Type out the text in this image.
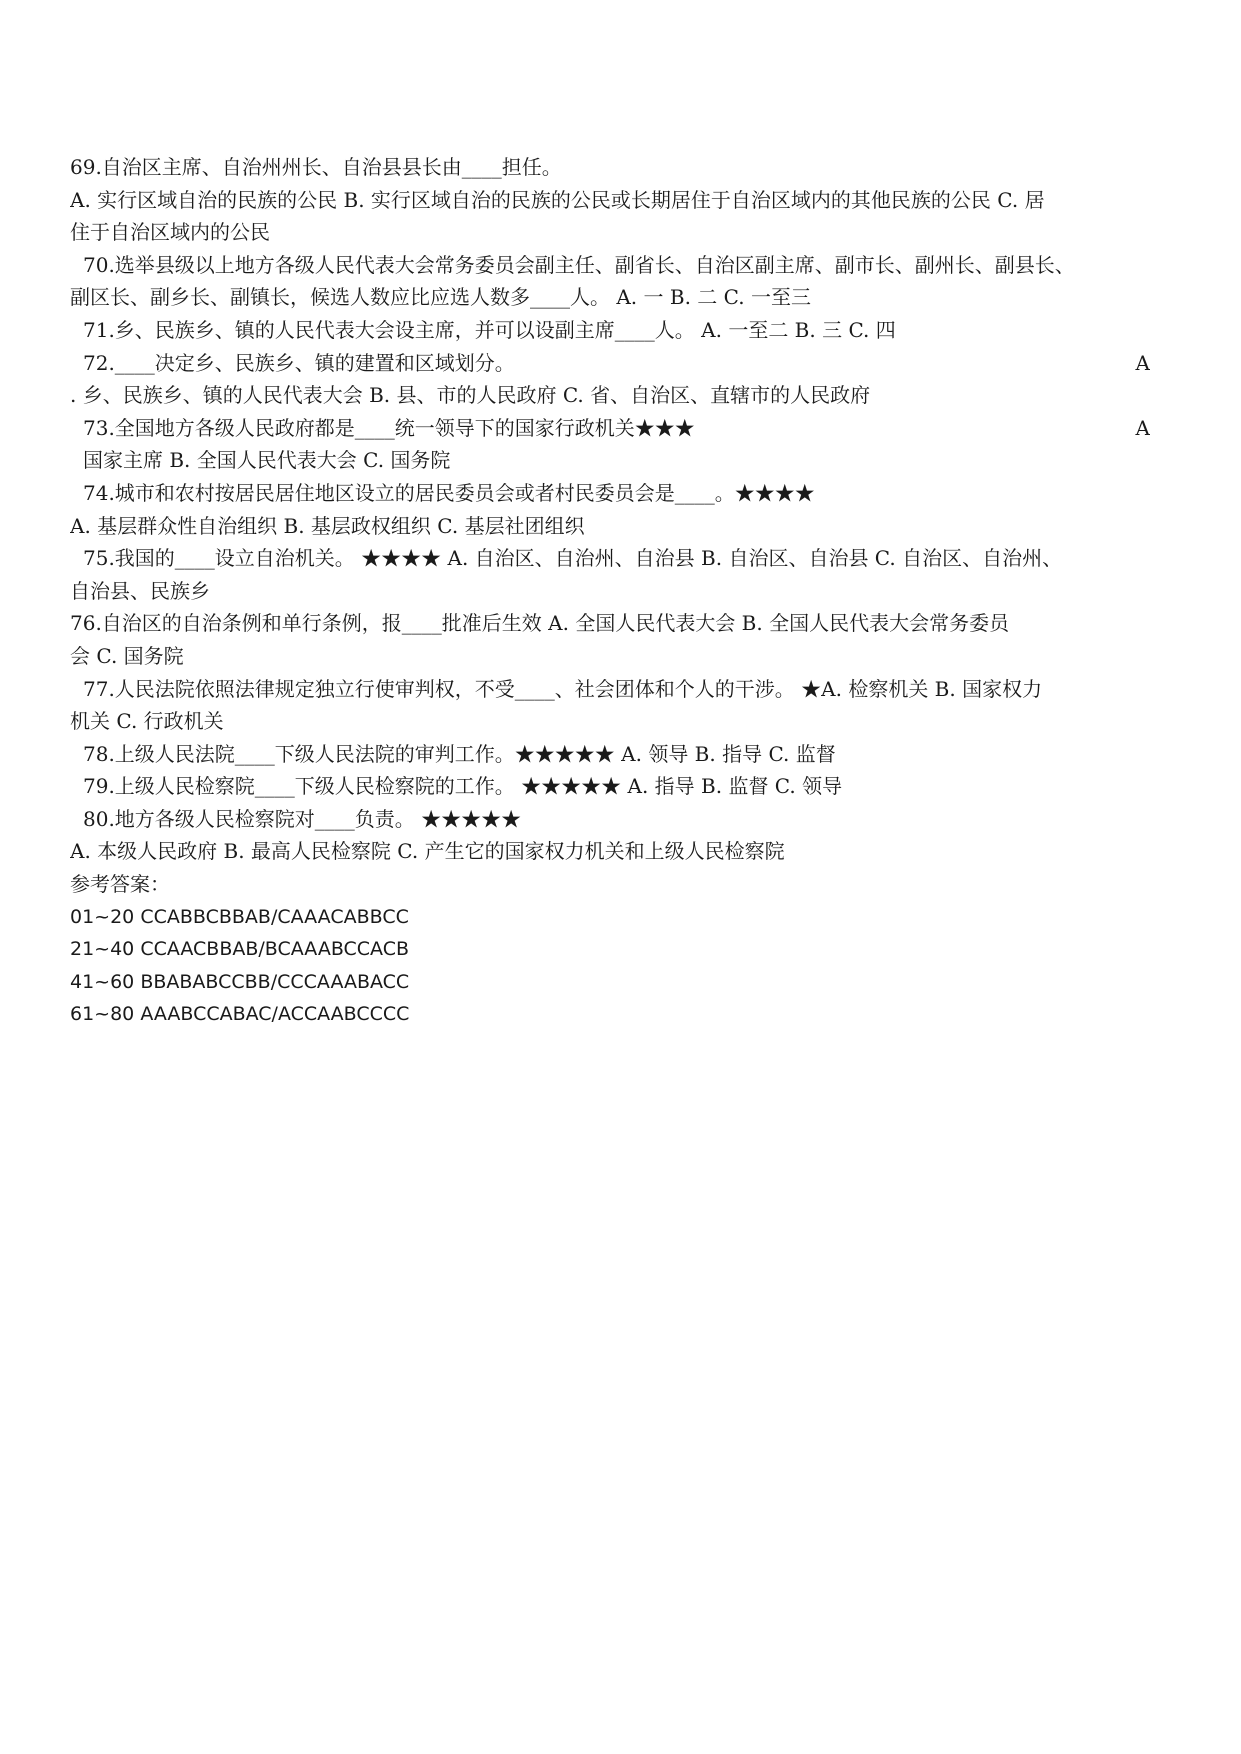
69.自治区主席、自治州州长、自治县县长由____担任。
A. 实行区域自治的民族的公民 B. 实行区域自治的民族的公民或长期居住于自治区域内的其他民族的公民 C. 居
住于自治区域内的公民
70.选举县级以上地方各级人民代表大会常务委员会副主任、副省长、自治区副主席、副市长、副州长、副县长、
副区长、副乡长、副镇长，候选人数应比应选人数多____人。 A. 一 B. 二 C. 一至三
71.乡、民族乡、镇的人民代表大会设主席，并可以设副主席____人。 A. 一至二 B. 三 C. 四
72.____决定乡、民族乡、镇的建置和区域划分。	A
. 乡、民族乡、镇的人民代表大会 B. 县、市的人民政府 C. 省、自治区、直辖市的人民政府
73.全国地方各级人民政府都是____统一领导下的国家行政机关★★★	A
国家主席 B. 全国人民代表大会 C. 国务院
74.城市和农村按居民居住地区设立的居民委员会或者村民委员会是____。★★★★
A. 基层群众性自治组织 B. 基层政权组织 C. 基层社团组织
75.我国的____设立自治机关。 ★★★★ A. 自治区、自治州、自治县 B. 自治区、自治县 C. 自治区、自治州、
自治县、民族乡
76.自治区的自治条例和单行条例，报____批准后生效 A. 全国人民代表大会 B. 全国人民代表大会常务委员
会 C. 国务院
77.人民法院依照法律规定独立行使审判权，不受____、社会团体和个人的干涉。 ★A. 检察机关 B. 国家权力
机关 C. 行政机关
78.上级人民法院____下级人民法院的审判工作。★★★★★ A. 领导 B. 指导 C. 监督
79.上级人民检察院____下级人民检察院的工作。 ★★★★★ A. 指导 B. 监督 C. 领导
80.地方各级人民检察院对____负责。 ★★★★★
A. 本级人民政府 B. 最高人民检察院 C. 产生它的国家权力机关和上级人民检察院
参考答案：
01~20 CCABBCBBAB/CAAACABBCC
21~40 CCAACBBAB/BCAAABCCACB
41~60 BBABABCCBB/CCCAAABACC
61~80 AAABCCABAC/ACCAABCCCC
